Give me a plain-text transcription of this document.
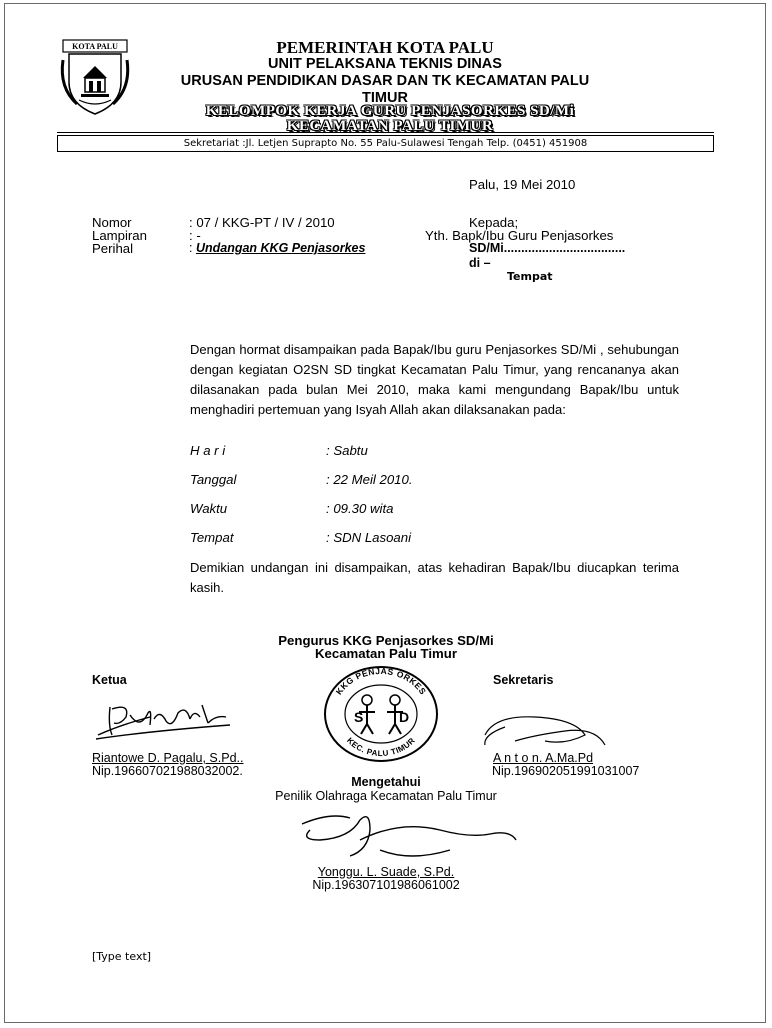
KOTA PALU	PEMERINTAH KOTA PALU
UNIT PELAKSANA TEKNIS DINAS
URUSAN PENDIDIKAN DASAR DAN TK KECAMATAN PALU
TIMUR
KELOMPOK KERJA GURU PENJASORKES SD/Mi
KECAMATAN PALU TIMUR
Sekretariat :Jl. Letjen Suprapto No. 55 Palu-Sulawesi Tengah Telp. (0451) 451908
Palu, 19 Mei 2010
Nomor	: 07 / KKG-PT / IV / 2010
Lampiran	: -
Perihal	: Undangan KKG Penjasorkes
Kepada;
Yth. Bapk/Ibu Guru Penjasorkes
SD/Mi...................................
di –
Tempat
Dengan hormat disampaikan pada Bapak/Ibu guru Penjasorkes SD/Mi , sehubungan dengan kegiatan O2SN SD tingkat Kecamatan Palu Timur, yang rencananya akan dilasanakan pada bulan Mei 2010, maka kami mengundang Bapak/Ibu untuk menghadiri pertemuan yang Isyah Allah akan dilaksanakan pada:
H a r i	: Sabtu
Tanggal	: 22 Meil 2010.
Waktu	: 09.30 wita
Tempat	: SDN Lasoani
Demikian undangan ini disampaikan, atas kehadiran Bapak/Ibu diucapkan terima kasih.
Pengurus KKG Penjasorkes SD/Mi
Kecamatan Palu Timur
Ketua	Sekretaris
KKG PENJAS ORKES
KEC. PALU TIMUR
S	D
Riantowe D. Pagalu, S.Pd..
Nip.196607021988032002.
A n t o n. A.Ma.Pd
Nip.196902051991031007
Mengetahui
Penilik Olahraga Kecamatan Palu Timur
Yonggu. L. Suade, S.Pd.
Nip.196307101986061002
[Type text]
